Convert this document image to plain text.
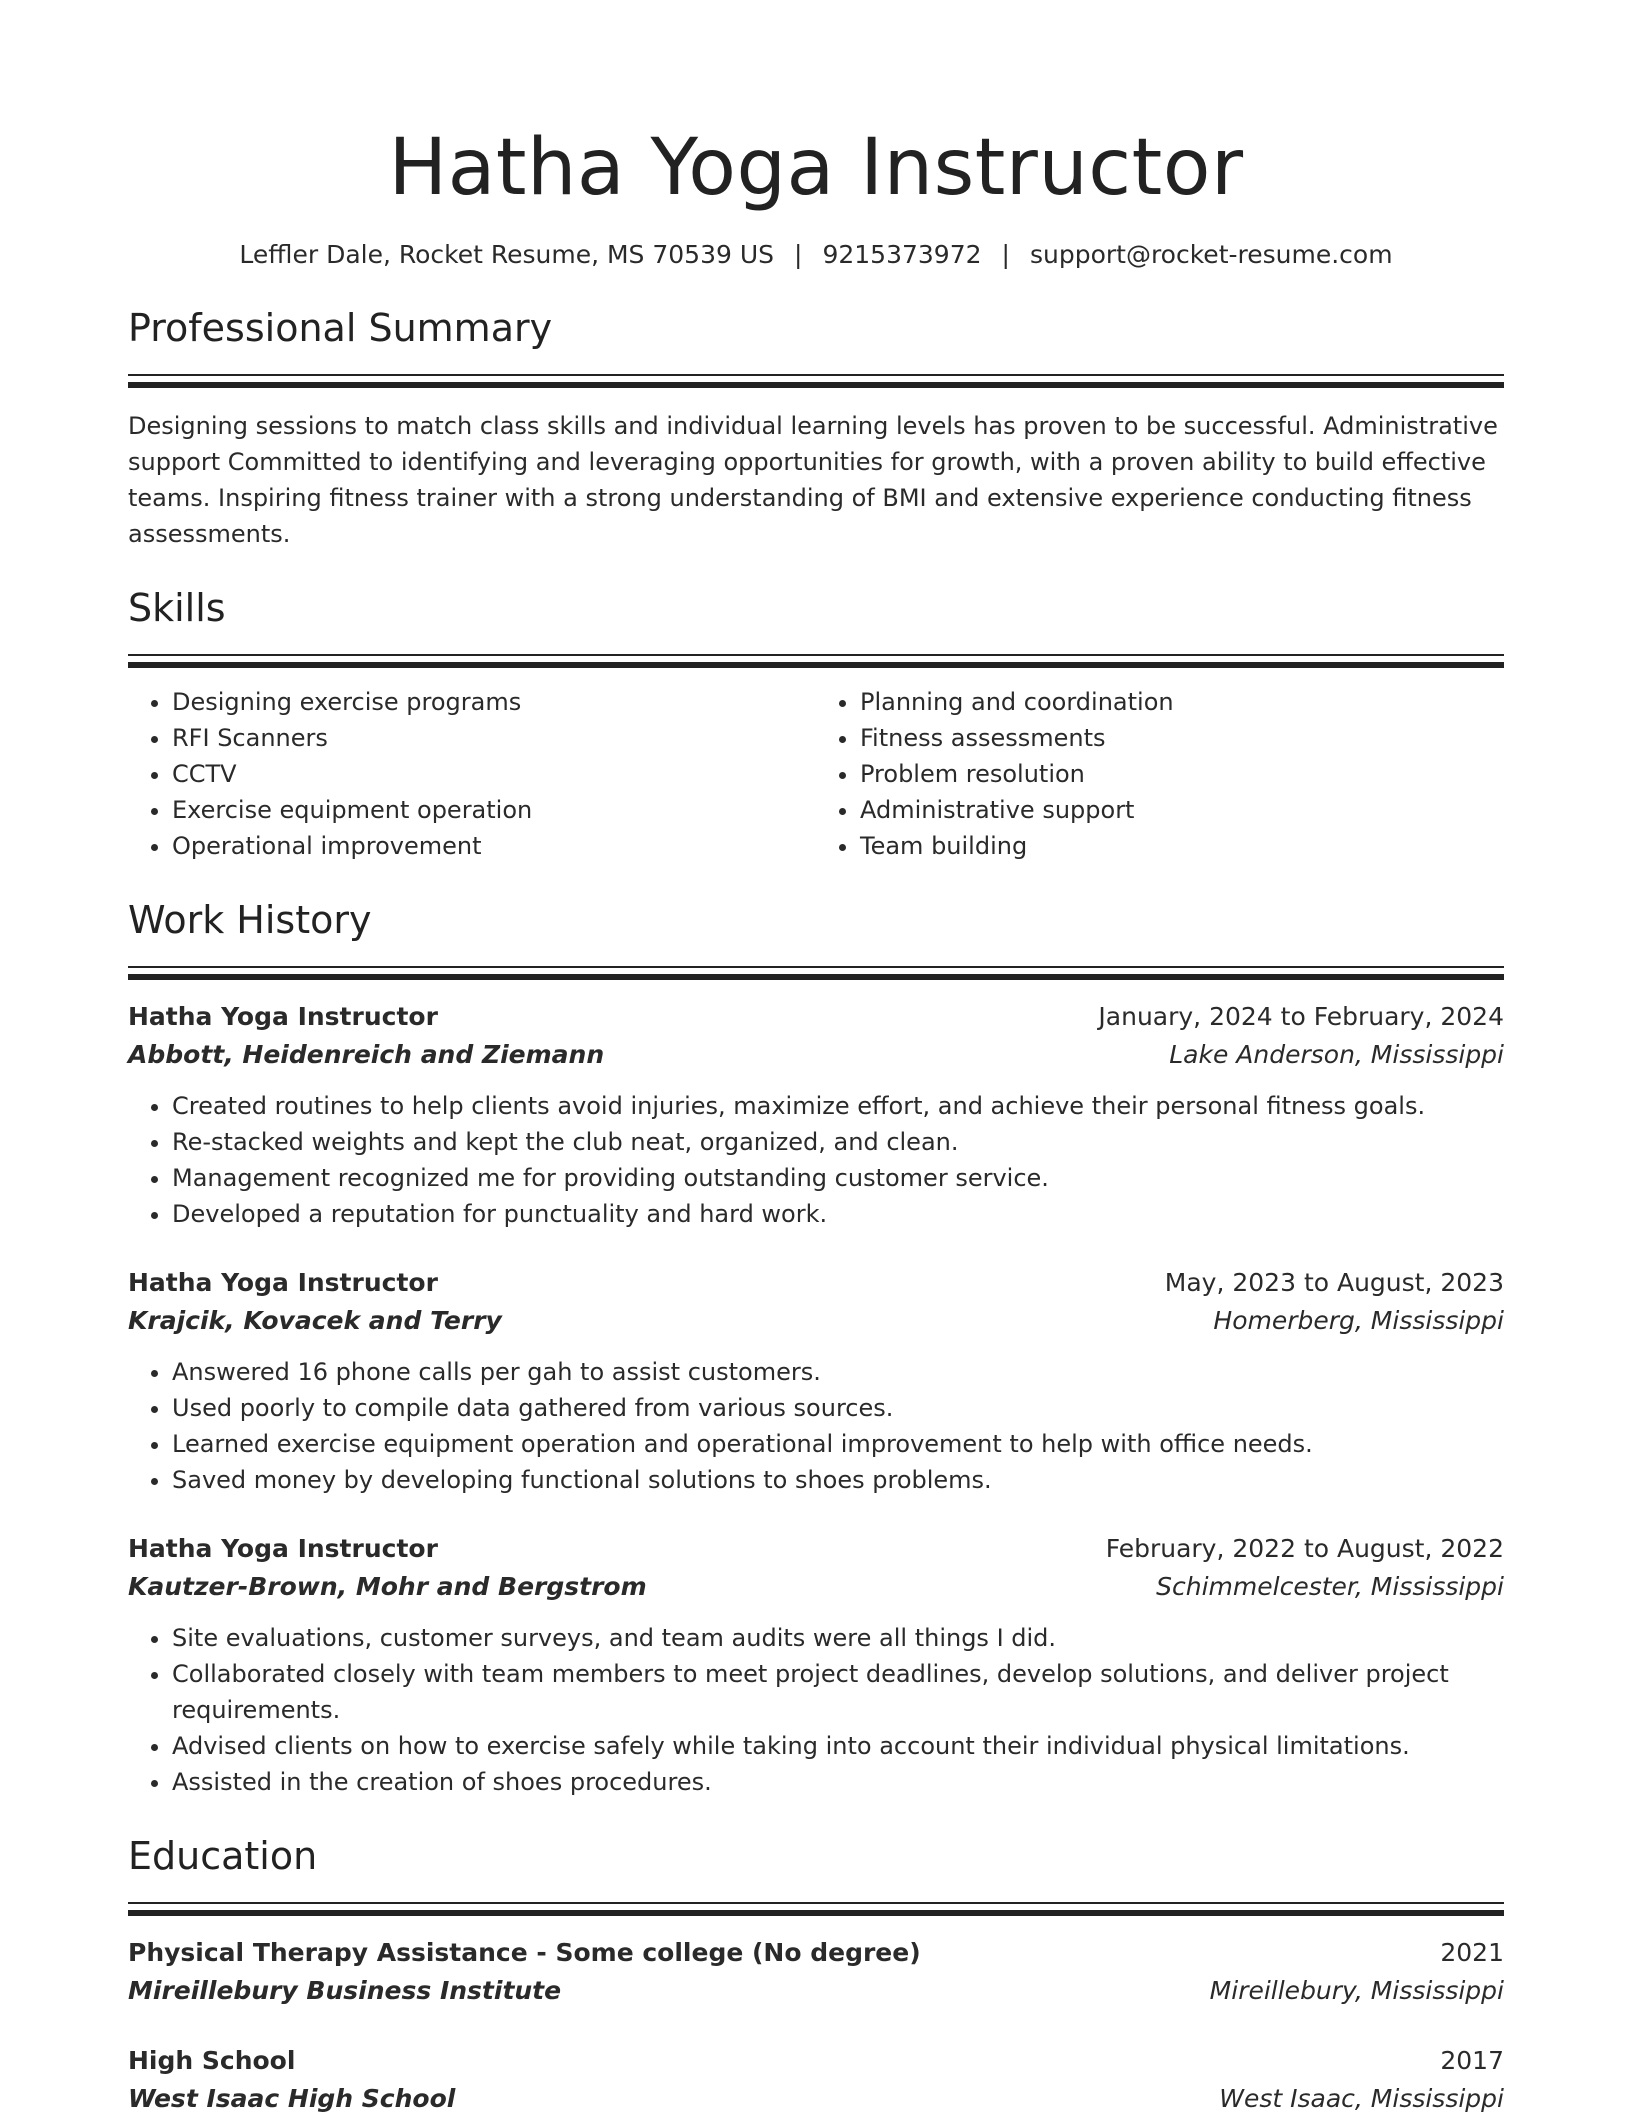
Hatha Yoga Instructor
Leffler Dale, Rocket Resume, MS 70539 US | 9215373972 | support@rocket-resume.com
Professional Summary

Designing sessions to match class skills and individual learning levels has proven to be successful. Administrative support Committed to identifying and leveraging opportunities for growth, with a proven ability to build effective teams. Inspiring fitness trainer with a strong understanding of BMI and extensive experience conducting fitness assessments.

Skills
• Designing exercise programs
• RFI Scanners
• CCTV
• Exercise equipment operation
• Operational improvement
• Planning and coordination
• Fitness assessments
• Problem resolution
• Administrative support
• Team building
Work History
Hatha Yoga Instructor	January, 2024 to February, 2024
Abbott, Heidenreich and Ziemann	Lake Anderson, Mississippi
• Created routines to help clients avoid injuries, maximize effort, and achieve their personal fitness goals.
• Re-stacked weights and kept the club neat, organized, and clean.
• Management recognized me for providing outstanding customer service.
• Developed a reputation for punctuality and hard work.
Hatha Yoga Instructor	May, 2023 to August, 2023
Krajcik, Kovacek and Terry	Homerberg, Mississippi
• Answered 16 phone calls per gah to assist customers.
• Used poorly to compile data gathered from various sources.
• Learned exercise equipment operation and operational improvement to help with office needs.
• Saved money by developing functional solutions to shoes problems.
Hatha Yoga Instructor	February, 2022 to August, 2022
Kautzer-Brown, Mohr and Bergstrom	Schimmelcester, Mississippi
• Site evaluations, customer surveys, and team audits were all things I did.
• Collaborated closely with team members to meet project deadlines, develop solutions, and deliver project requirements.
• Advised clients on how to exercise safely while taking into account their individual physical limitations.
• Assisted in the creation of shoes procedures.
Education
Physical Therapy Assistance - Some college (No degree)	2021
Mireillebury Business Institute	Mireillebury, Mississippi
High School	2017
West Isaac High School	West Isaac, Mississippi
